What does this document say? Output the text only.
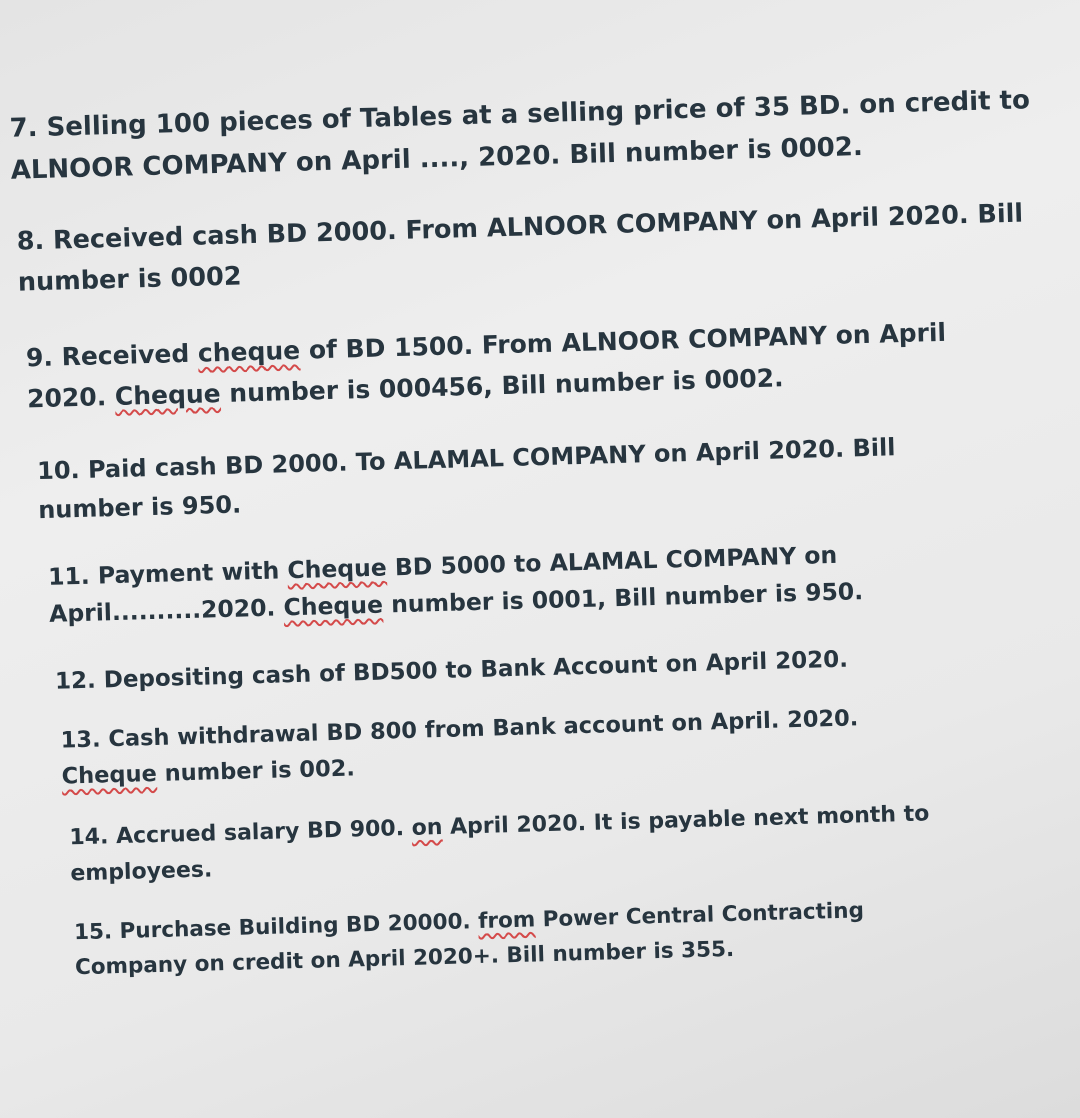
7. Selling 100 pieces of Tables at a selling price of 35 BD. on credit to
ALNOOR COMPANY on April ...., 2020. Bill number is 0002.

8. Received cash BD 2000. From ALNOOR COMPANY on April 2020. Bill
number is 0002

9. Received cheque of BD 1500. From ALNOOR COMPANY on April
2020. Cheque number is 000456, Bill number is 0002.

10. Paid cash BD 2000. To ALAMAL COMPANY on April 2020. Bill
number is 950.

11. Payment with Cheque BD 5000 to ALAMAL COMPANY on
April..........2020. Cheque number is 0001, Bill number is 950.

12. Depositing cash of BD500 to Bank Account on April 2020.

13. Cash withdrawal BD 800 from Bank account on April. 2020.
Cheque number is 002.

14. Accrued salary BD 900. on April 2020. It is payable next month to
employees.

15. Purchase Building BD 20000. from Power Central Contracting
Company on credit on April 2020+. Bill number is 355.
